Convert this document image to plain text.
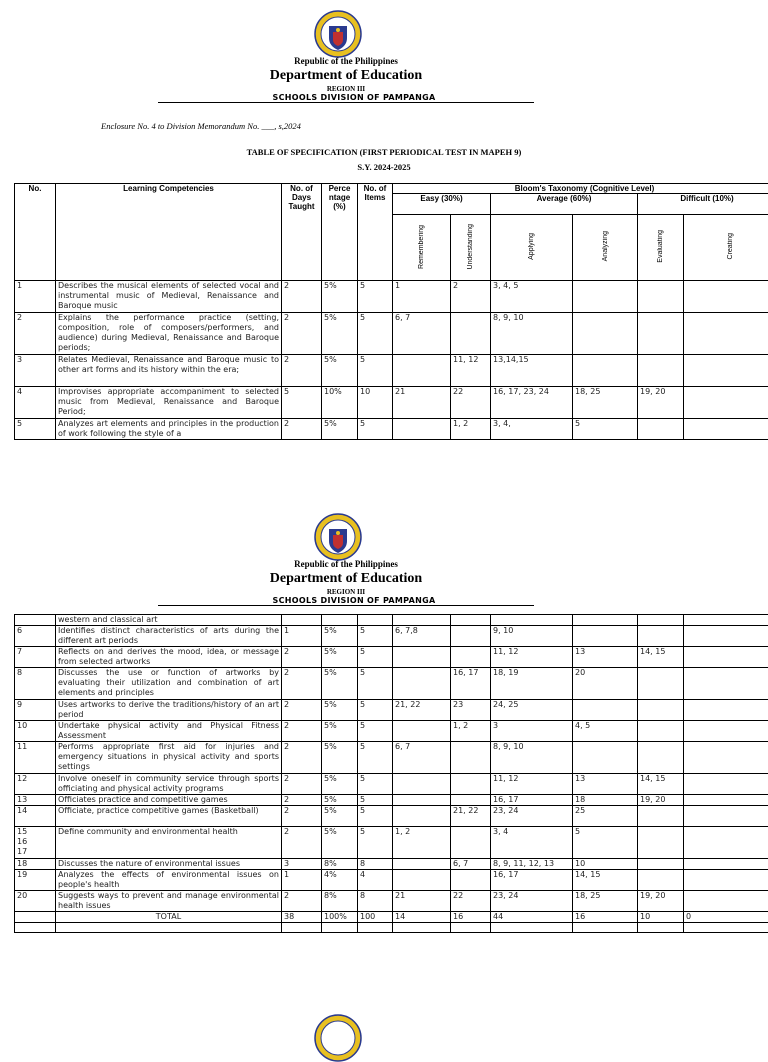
Republic of the Philippines
Department of Education
REGION III
SCHOOLS DIVISION OF PAMPANGA
Enclosure No. 4 to Division Memorandum No. ___, s,2024
TABLE OF SPECIFICATION (FIRST PERIODICAL TEST IN MAPEH 9)
S.Y. 2024-2025
No.	Learning Competencies	No. of Days Taught	Perce ntage (%)	No. of Items	Bloom's Taxonomy (Cognitive Level)					
					Easy (30%)		Average (60%)		Difficult (10%)	
					Remembering	Understanding	Applying	Analyzing	Evaluating	Creating
1	Describes the musical elements of selected vocal and instrumental music of Medieval, Renaissance and Baroque music	2	5%	5	1	2	3, 4, 5			
2	Explains the performance practice (setting, composition, role of composers/performers, and audience) during Medieval, Renaissance and Baroque periods;	2	5%	5	6, 7		8, 9, 10			
3	Relates Medieval, Renaissance and Baroque music to other art forms and its history within the era;	2	5%	5		11, 12	13,14,15			
4	Improvises appropriate accompaniment to selected music from Medieval, Renaissance and Baroque Period;	5	10%	10	21	22	16, 17, 23, 24	18, 25	19, 20	
5	Analyzes art elements and principles in the production of work following the style of a	2	5%	5		1, 2	3, 4,	5		
Republic of the Philippines
Department of Education
REGION III
SCHOOLS DIVISION OF PAMPANGA
	western and classical art									
6	Identifies distinct characteristics of arts during the different art periods	1	5%	5	6, 7,8		9, 10			
7	Reflects on and derives the mood, idea, or message from selected artworks	2	5%	5			11, 12	13	14, 15	
8	Discusses the use or function of artworks by evaluating their utilization and combination of art elements and principles	2	5%	5		16, 17	18, 19	20		
9	Uses artworks to derive the traditions/history of an art period	2	5%	5	21, 22	23	24, 25			
10	Undertake physical activity and Physical Fitness Assessment	2	5%	5		1, 2	3	4, 5		
11	Performs appropriate first aid for injuries and emergency situations in physical activity and sports settings	2	5%	5	6, 7		8, 9, 10			
12	Involve oneself in community service through sports officiating and physical activity programs	2	5%	5			11, 12	13	14, 15	
13	Officiates practice and competitive games	2	5%	5			16, 17	18	19, 20	
14	Officiate, practice competitive games (Basketball)	2	5%	5		21, 22	23, 24	25		
15
16
17	Define community and environmental health	2	5%	5	1, 2		3, 4	5		
18	Discusses the nature of environmental issues	3	8%	8		6, 7	8, 9, 11, 12, 13	10		
19	Analyzes the effects of environmental issues on people's health	1	4%	4			16, 17	14, 15		
20	Suggests ways to prevent and manage environmental health issues	2	8%	8	21	22	23, 24	18, 25	19, 20	
	TOTAL	38	100%	100	14	16	44	16	10	0
